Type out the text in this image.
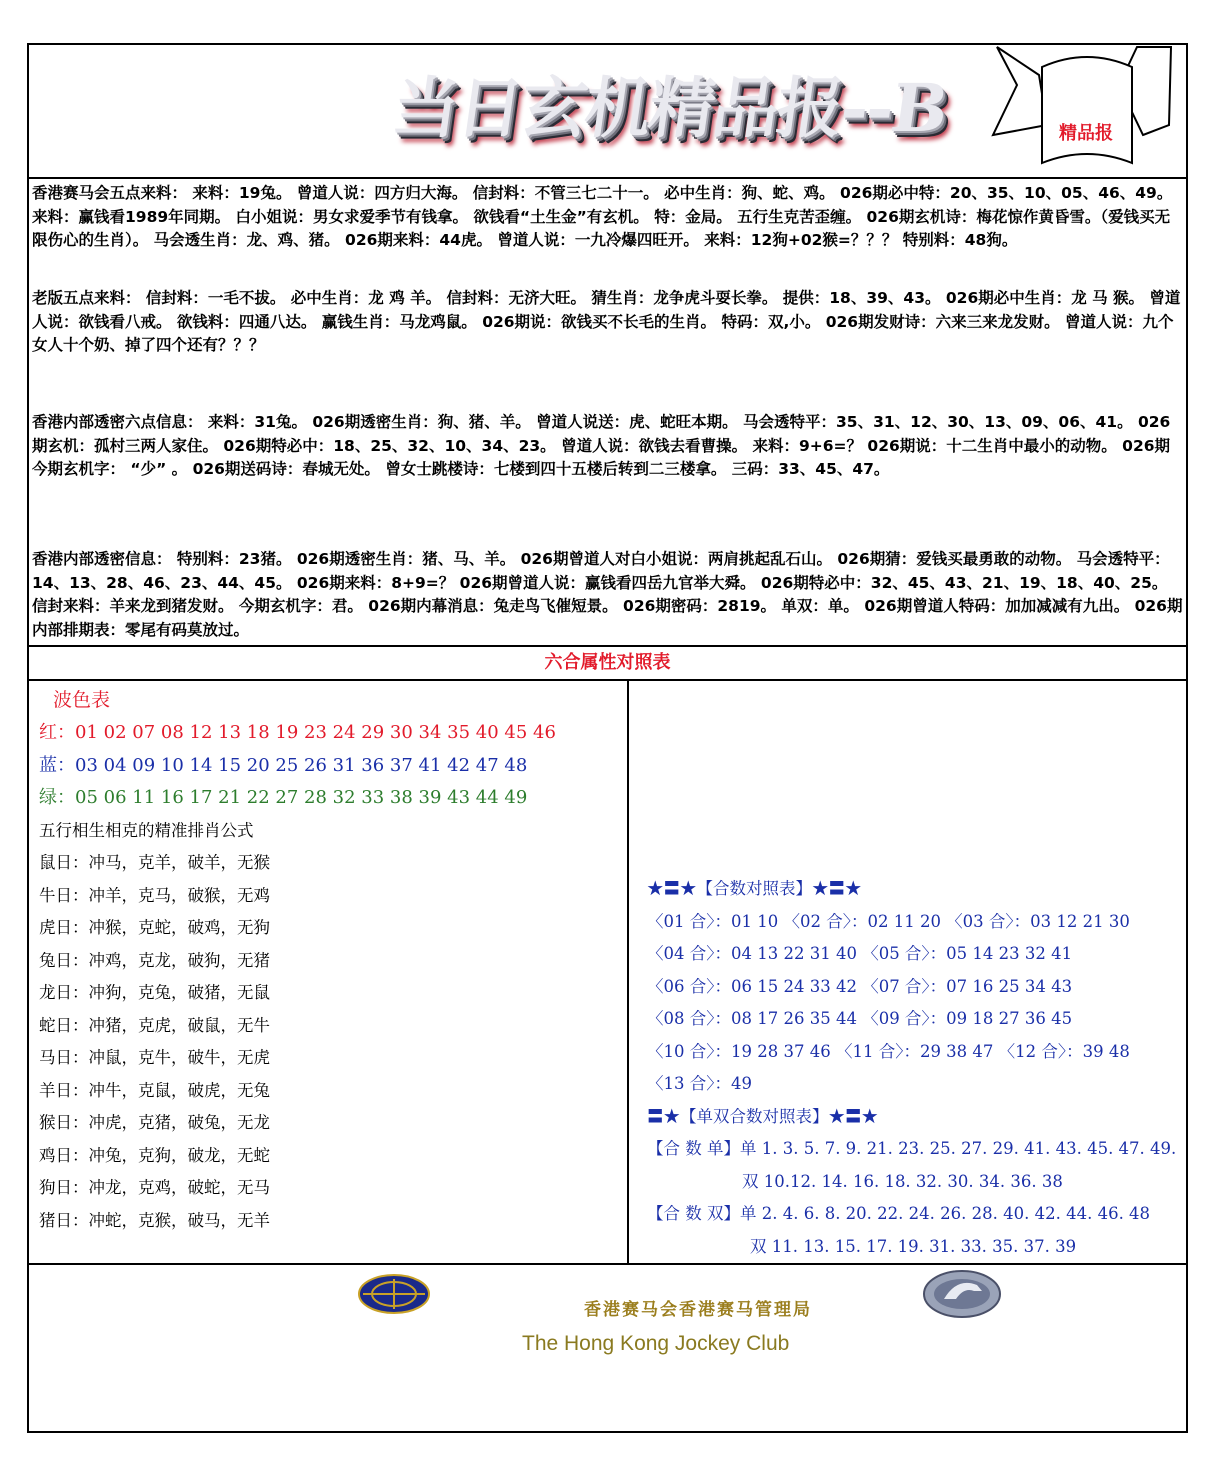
当日玄机精品报--B	精品报

香港赛马会五点来料： 来料：19兔。 曾道人说：四方归大海。 信封料：不管三七二十一。 必中生肖：狗、蛇、鸡。 026期必中特：20、35、10、05、46、49。 来料：赢钱看1989年同期。 白小姐说：男女求爱季节有钱拿。 欲钱看“土生金”有玄机。 特：金局。 五行生克苦歪缠。 026期玄机诗：梅花惊作黄昏雪。（爱钱买无限伤心的生肖）。 马会透生肖：龙、鸡、猪。 026期来料：44虎。 曾道人说：一九冷爆四旺开。 来料：12狗+02猴=？？？ 特别料：48狗。

老版五点来料： 信封料：一毛不拔。 必中生肖：龙 鸡 羊。 信封料：无济大旺。 猜生肖：龙争虎斗耍长拳。 提供：18、39、43。 026期必中生肖：龙 马 猴。 曾道人说：欲钱看八戒。 欲钱料：四通八达。 赢钱生肖：马龙鸡鼠。 026期说：欲钱买不长毛的生肖。 特码：双,小。 026期发财诗：六来三来龙发财。 曾道人说：九个女人十个奶、掉了四个还有？？？

香港内部透密六点信息： 来料：31兔。 026期透密生肖：狗、猪、羊。 曾道人说送：虎、蛇旺本期。 马会透特平：35、31、12、30、13、09、06、41。 026期玄机：孤村三两人家住。 026期特必中：18、25、32、10、34、23。 曾道人说：欲钱去看曹操。 来料：9+6=？ 026期说：十二生肖中最小的动物。 026期今期玄机字： “少” 。 026期送码诗：春城无处。 曾女士跳楼诗：七楼到四十五楼后转到二三楼拿。 三码：33、45、47。

香港内部透密信息： 特别料：23猪。 026期透密生肖：猪、马、羊。 026期曾道人对白小姐说：两肩挑起乱石山。 026期猜：爱钱买最勇敢的动物。 马会透特平：14、13、28、46、23、44、45。 026期来料：8+9=？ 026期曾道人说：赢钱看四岳九官举大舜。 026期特必中：32、45、43、21、19、18、40、25。 信封来料：羊来龙到猪发财。 今期玄机字：君。 026期内幕消息：兔走鸟飞催短景。 026期密码：2819。 单双：单。 026期曾道人特码：加加减减有九出。 026期内部排期表：零尾有码莫放过。

六合属性对照表
波色表
红：01 02 07 08 12 13 18 19 23 24 29 30 34 35 40 45 46
蓝：03 04 09 10 14 15 20 25 26 31 36 37 41 42 47 48
绿：05 06 11 16 17 21 22 27 28 32 33 38 39 43 44 49
五行相生相克的精准排肖公式
鼠日：冲马，克羊，破羊，无猴
牛日：冲羊，克马，破猴，无鸡
虎日：冲猴，克蛇，破鸡，无狗
兔日：冲鸡，克龙，破狗，无猪
龙日：冲狗，克兔，破猪，无鼠
蛇日：冲猪，克虎，破鼠，无牛
马日：冲鼠，克牛，破牛，无虎
羊日：冲牛，克鼠，破虎，无兔
猴日：冲虎，克猪，破兔，无龙
鸡日：冲兔，克狗，破龙，无蛇
狗日：冲龙，克鸡，破蛇，无马
猪日：冲蛇，克猴，破马，无羊
★〓★【合数对照表】★〓★
〈01 合〉：01 10 〈02 合〉：02 11 20 〈03 合〉：03 12 21 30
〈04 合〉：04 13 22 31 40 〈05 合〉：05 14 23 32 41
〈06 合〉：06 15 24 33 42 〈07 合〉：07 16 25 34 43
〈08 合〉：08 17 26 35 44 〈09 合〉：09 18 27 36 45
〈10 合〉：19 28 37 46 〈11 合〉：29 38 47 〈12 合〉：39 48
〈13 合〉：49
〓★【单双合数对照表】★〓★
【合 数 单】单 1. 3. 5. 7. 9. 21. 23. 25. 27. 29. 41. 43. 45. 47. 49.
双 10.12. 14. 16. 18. 32. 30. 34. 36. 38
【合 数 双】单 2. 4. 6. 8. 20. 22. 24. 26. 28. 40. 42. 44. 46. 48
双 11. 13. 15. 17. 19. 31. 33. 35. 37. 39
香港赛马会香港赛马管理局
The Hong Kong Jockey Club
